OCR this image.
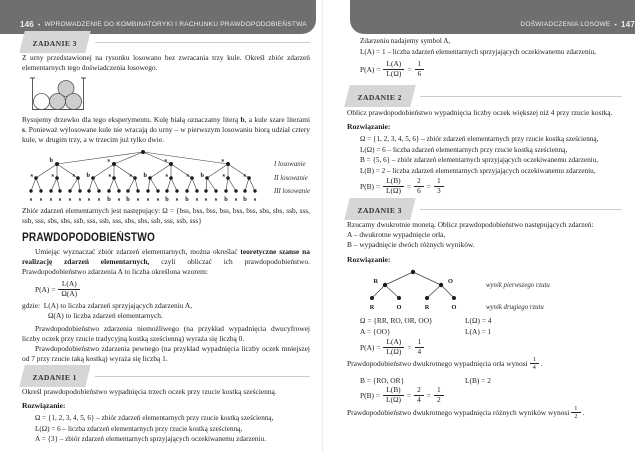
146 • WPROWADZENIE DO KOMBINATORYKI I RACHUNKU PRAWDOPODOBIEŃSTWA	DOŚWIADCZENIA LOSOWE • 147
ZADANIE 3
Z urny przedstawionej na rysunku losowano bez zwracania trzy kule. Określ zbiór zdarzeń elementarnych tego doświadczenia losowego.
Rysujemy drzewko dla tego eksperymentu. Kulę białą oznaczamy literą b, a kule szare literami s. Ponieważ wylosowane kule nie wracają do urny – w pierwszym losowaniu biorą udział cztery kule, w drugim trzy, a w trzecim już tylko dwie.
b	s	s	s
s	s	s b	s	s b	s	s b	s	s
s s s s s s s s b s b s s s b s b s s s b s b s
I losowanie
II losowanie
III losowanie
Zbiór zdarzeń elementarnych jest następujący: Ω = {bss, bss, bss, bss, bss, bss, sbs, sbs, ssb, sss, ssb, sss, sbs, sbs, ssb, sss, ssb, sss, sbs, sbs, ssb, sss, ssb, sss}
PRAWDOPODOBIEŃSTWO
Umiejąc wyznaczać zbiór zdarzeń elementarnych, można określać teoretyczne szanse na realizację zdarzeń elementarnych, czyli obliczać ich prawdopodobieństwo. Prawdopodobieństwo zdarzenia A to liczba określona wzorem:
$P(A) = \frac{L(A)}{\Omega(A)}$
gdzie: L(A) to liczba zdarzeń sprzyjających zdarzeniu A,
Ω(A) to liczba zdarzeń elementarnych.
Prawdopodobieństwo zdarzenia niemożliwego (na przykład wypadnięcia dwucyfrowej liczby oczek przy rzucie tradycyjną kostką sześcienną) wyraża się liczbą 0.
Prawdopodobieństwo zdarzenia pewnego (na przykład wypadnięcia liczby oczek mniejszej od 7 przy rzucie taką kostką) wyraża się liczbą 1.
ZADANIE 1
Określ prawdopodobieństwo wypadnięcia trzech oczek przy rzucie kostką sześcienną.
Rozwiązanie:
Ω = {1, 2, 3, 4, 5, 6} – zbiór zdarzeń elementarnych przy rzucie kostką sześcienną,
L(Ω) = 6 – liczba zdarzeń elementarnych przy rzucie kostką sześcienną,
A = {3} – zbiór zdarzeń elementarnych sprzyjających oczekiwanemu zdarzeniu.
Zdarzeniu nadajemy symbol A,
L(A) = 1 – liczba zdarzeń elementarnych sprzyjających oczekiwanemu zdarzeniu,
$P(A) = \frac{L(A)}{L(\Omega)} = \frac{1}{6}$
ZADANIE 2
Oblicz prawdopodobieństwo wypadnięcia liczby oczek większej niż 4 przy rzucie kostką.
Rozwiązanie:
Ω = {1, 2, 3, 4, 5, 6} – zbiór zdarzeń elementarnych przy rzucie kostką sześcienną,
L(Ω) = 6 – liczba zdarzeń elementarnych przy rzucie kostką sześcienną,
B = {5, 6} – zbiór zdarzeń elementarnych sprzyjających oczekiwanemu zdarzeniu,
L(B) = 2 – liczba zdarzeń elementarnych sprzyjających oczekiwanemu zdarzeniu,
$P(B) = \frac{L(B)}{L(\Omega)} = \frac{2}{6} = \frac{1}{3}$
ZADANIE 3
Rzucamy dwukrotnie monetą. Oblicz prawdopodobieństwo następujących zdarzeń:
A – dwukrotne wypadnięcie orła,
B – wypadnięcie dwóch różnych wyników.
Rozwiązanie:
R	O
R	O	R	O
wynik pierwszego rzutu
wynik drugiego rzutu
Ω = {RR, RO, OR, OO}	L(Ω) = 4
A = {OO}	L(A) = 1
$P(A) = \frac{L(A)}{L(\Omega)} = \frac{1}{4}$
Prawdopodobieństwo dwukrotnego wypadnięcia orła wynosi $\frac{1}{4}$ .
B = {RO, OR}	L(B) = 2
$P(B) = \frac{L(B)}{L(\Omega)} = \frac{2}{4} = \frac{1}{2}$
Prawdopodobieństwo dwukrotnego wypadnięcia różnych wyników wynosi $\frac{1}{2}$ .
